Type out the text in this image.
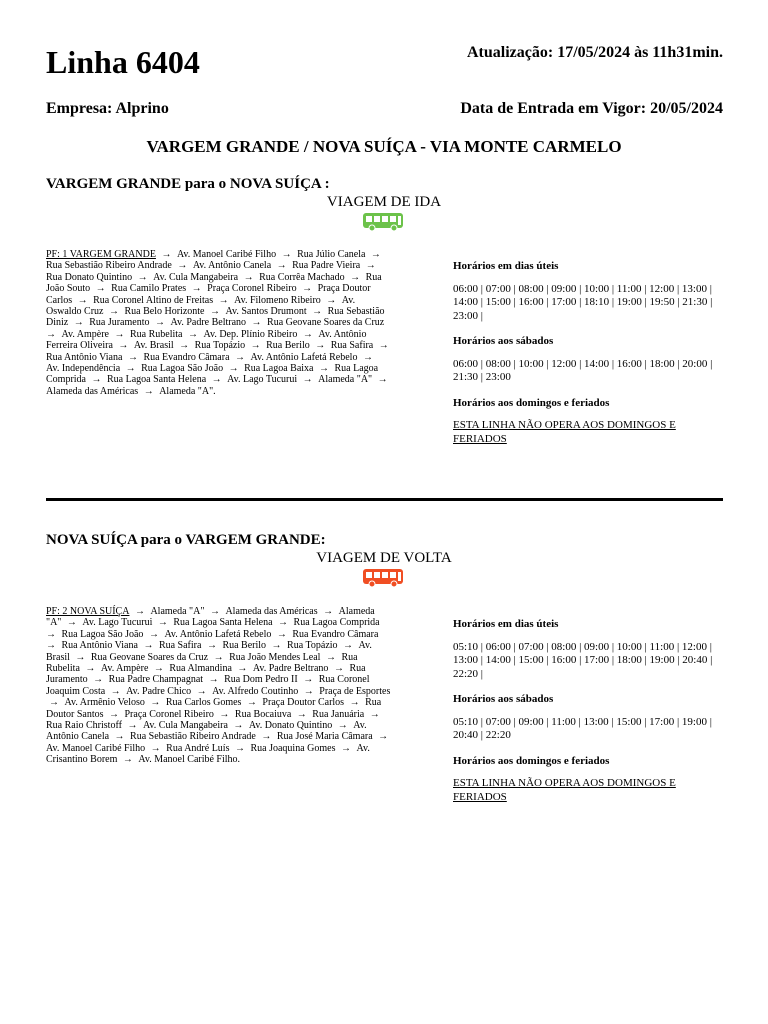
Linha 6404	Atualização: 17/05/2024 às 11h31min.
Empresa: Alprino	Data de Entrada em Vigor: 20/05/2024
VARGEM GRANDE / NOVA SUÍÇA - VIA MONTE CARMELO
VARGEM GRANDE para o NOVA SUÍÇA :
VIAGEM DE IDA
PF: 1 VARGEM GRANDE → Av. Manoel Caribé Filho → Rua Júlio Canela → Rua Sebastião Ribeiro Andrade → Av. Antônio Canela → Rua Padre Vieira → Rua Donato Quintino → Av. Cula Mangabeira → Rua Corrêa Machado → Rua João Souto → Rua Camilo Prates → Praça Coronel Ribeiro → Praça Doutor Carlos → Rua Coronel Altino de Freitas → Av. Filomeno Ribeiro → Av. Oswaldo Cruz → Rua Belo Horizonte → Av. Santos Drumont → Rua Sebastião Diniz → Rua Juramento → Av. Padre Beltrano → Rua Geovane Soares da Cruz → Av. Ampère → Rua Rubelita → Av. Dep. Plínio Ribeiro → Av. Antônio Ferreira Oliveira → Av. Brasil → Rua Topázio → Rua Berilo → Rua Safira → Rua Antônio Viana → Rua Evandro Câmara → Av. Antônio Lafetá Rebelo → Av. Independência → Rua Lagoa São João → Rua Lagoa Baixa → Rua Lagoa Comprida → Rua Lagoa Santa Helena → Av. Lago Tucurui → Alameda "A" → Alameda das Américas → Alameda "A".
Horários em dias úteis

06:00 | 07:00 | 08:00 | 09:00 | 10:00 | 11:00 | 12:00 | 13:00 | 14:00 | 15:00 | 16:00 | 17:00 | 18:10 | 19:00 | 19:50 | 21:30 | 23:00 |

Horários aos sábados

06:00 | 08:00 | 10:00 | 12:00 | 14:00 | 16:00 | 18:00 | 20:00 | 21:30 | 23:00

Horários aos domingos e feriados

ESTA LINHA NÃO OPERA AOS DOMINGOS E FERIADOS

NOVA SUÍÇA para o VARGEM GRANDE:
VIAGEM DE VOLTA
PF: 2 NOVA SUÍÇA → Alameda "A" → Alameda das Américas → Alameda "A" → Av. Lago Tucurui → Rua Lagoa Santa Helena → Rua Lagoa Comprida → Rua Lagoa São João → Av. Antônio Lafetá Rebelo → Rua Evandro Câmara → Rua Antônio Viana → Rua Safira → Rua Berilo → Rua Topázio → Av. Brasil → Rua Geovane Soares da Cruz → Rua João Mendes Leal → Rua Rubelita → Av. Ampère → Rua Almandina → Av. Padre Beltrano → Rua Juramento → Rua Padre Champagnat → Rua Dom Pedro II → Rua Coronel Joaquim Costa → Av. Padre Chico → Av. Alfredo Coutinho → Praça de Esportes → Av. Armênio Veloso → Rua Carlos Gomes → Praça Doutor Carlos → Rua Doutor Santos → Praça Coronel Ribeiro → Rua Bocaiuva → Rua Januária → Rua Raio Christoff → Av. Cula Mangabeira → Av. Donato Quintino → Av. Antônio Canela → Rua Sebastião Ribeiro Andrade → Rua José Maria Câmara → Av. Manoel Caribé Filho → Rua André Luís → Rua Joaquina Gomes → Av. Crisantino Borem → Av. Manoel Caribé Filho.
Horários em dias úteis

05:10 | 06:00 | 07:00 | 08:00 | 09:00 | 10:00 | 11:00 | 12:00 | 13:00 | 14:00 | 15:00 | 16:00 | 17:00 | 18:00 | 19:00 | 20:40 | 22:20 |

Horários aos sábados

05:10 | 07:00 | 09:00 | 11:00 | 13:00 | 15:00 | 17:00 | 19:00 | 20:40 | 22:20

Horários aos domingos e feriados

ESTA LINHA NÃO OPERA AOS DOMINGOS E FERIADOS
